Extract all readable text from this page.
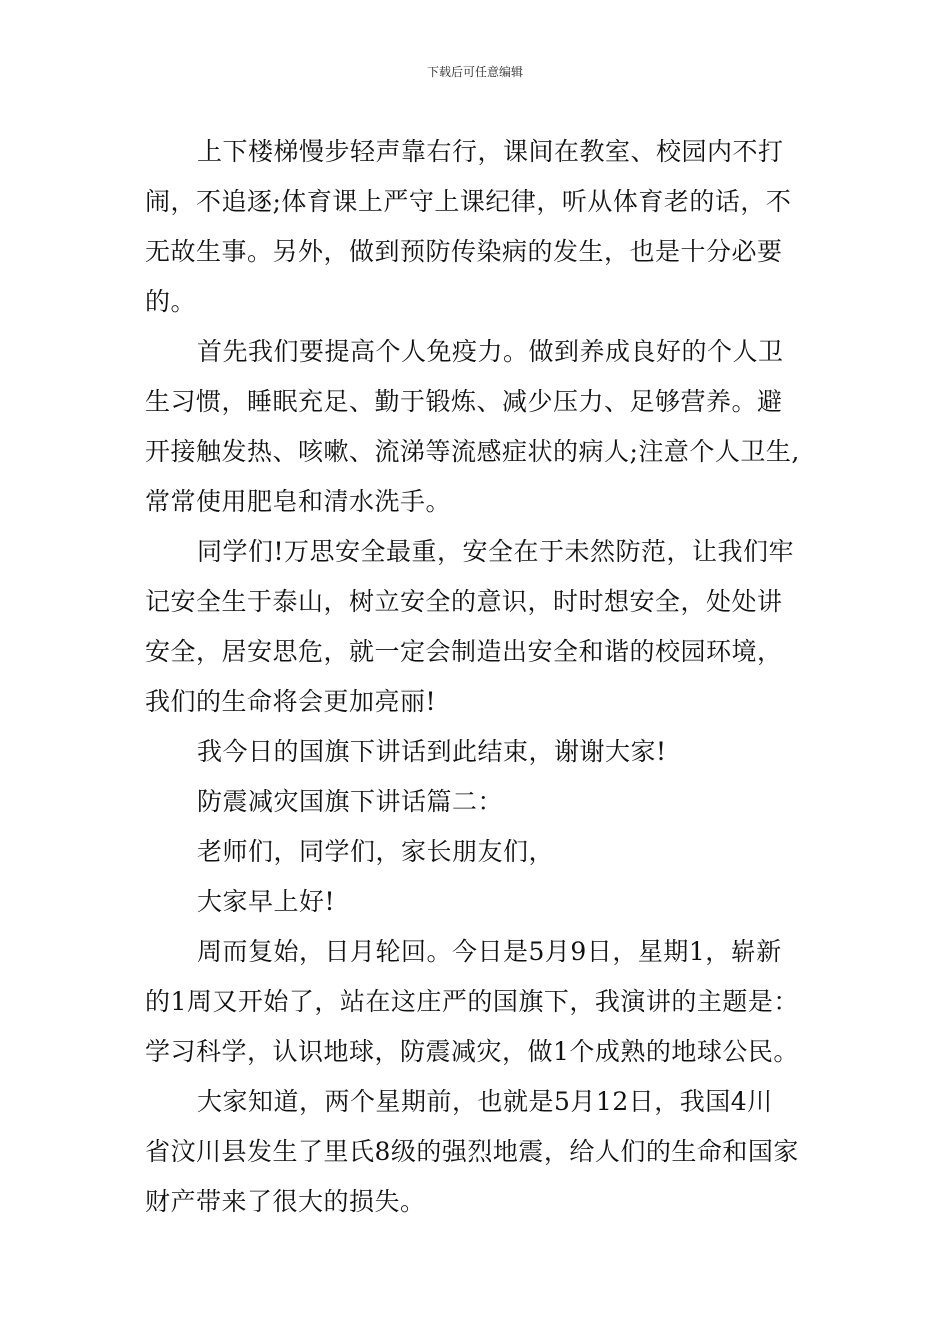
下载后可任意编辑

上下楼梯慢步轻声靠右行，课间在教室、校园内不打
闹，不追逐;体育课上严守上课纪律，听从体育老的话，不
无故生事。另外，做到预防传染病的发生，也是十分必要
的。

首先我们要提高个人免疫力。做到养成良好的个人卫
生习惯，睡眠充足、勤于锻炼、减少压力、足够营养。避
开接触发热、咳嗽、流涕等流感症状的病人;注意个人卫生,
常常使用肥皂和清水洗手。

同学们!万思安全最重，安全在于未然防范，让我们牢
记安全生于泰山，树立安全的意识，时时想安全，处处讲
安全，居安思危，就一定会制造出安全和谐的校园环境，
我们的生命将会更加亮丽!

我今日的国旗下讲话到此结束，谢谢大家!

防震减灾国旗下讲话篇二：

老师们，同学们，家长朋友们，

大家早上好!

周而复始，日月轮回。今日是5月9日，星期1，崭新
的1周又开始了，站在这庄严的国旗下，我演讲的主题是：
学习科学，认识地球，防震减灾，做1个成熟的地球公民。

大家知道，两个星期前，也就是5月12日，我国4川
省汶川县发生了里氏8级的强烈地震，给人们的生命和国家
财产带来了很大的损失。
